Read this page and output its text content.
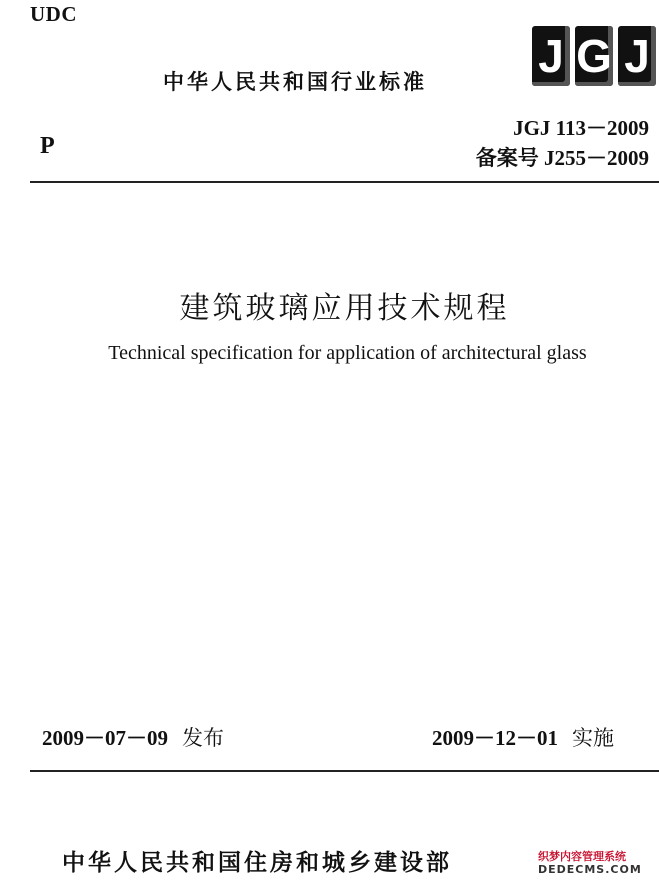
UDC
中华人民共和国行业标准 J G J
P
JGJ 113－2009
备案号 J255－2009
建筑玻璃应用技术规程
Technical specification for application of architectural glass
2009－07－09 发布	2009－12－01 实施
中华人民共和国住房和城乡建设部	织梦内容管理系统
DEDECMS.COM
